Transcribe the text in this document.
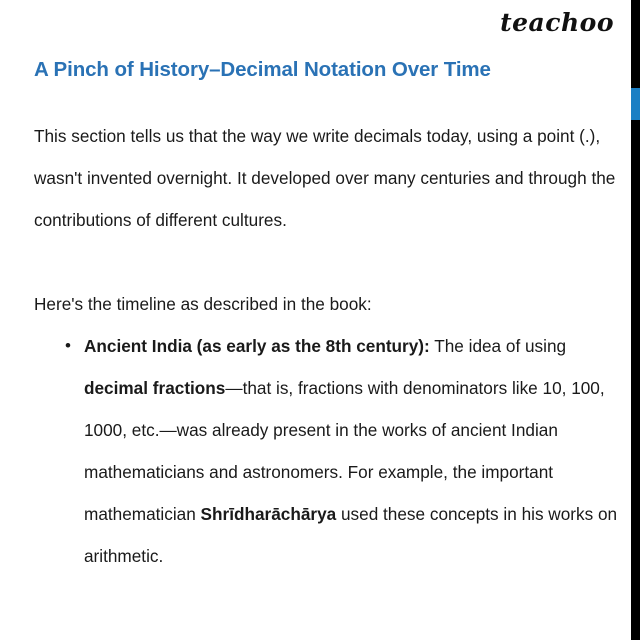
teachoo
A Pinch of History–Decimal Notation Over Time

This section tells us that the way we write decimals today, using a point (.), wasn't invented overnight. It developed over many centuries and through the contributions of different cultures.

Here's the timeline as described in the book:

• Ancient India (as early as the 8th century): The idea of using decimal fractions—that is, fractions with denominators like 10, 100, 1000, etc.—was already present in the works of ancient Indian mathematicians and astronomers. For example, the important mathematician Shrīdharāchārya used these concepts in his works on arithmetic.
